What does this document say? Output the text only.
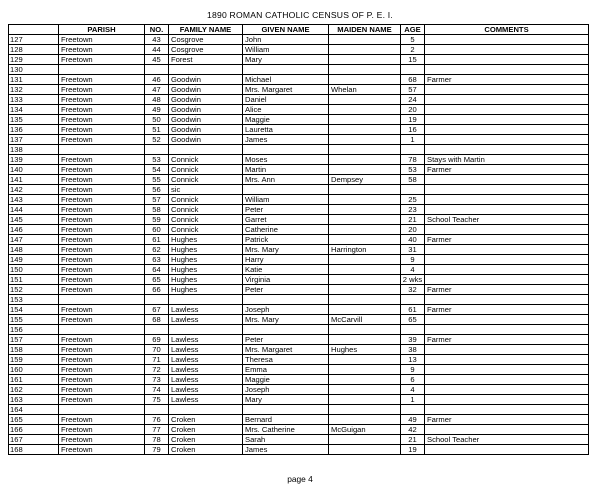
1890 ROMAN CATHOLIC CENSUS OF P. E. I.
	PARISH	NO.	FAMILY NAME	GIVEN NAME	MAIDEN NAME	AGE	COMMENTS
127	Freetown	43	Cosgrove	John		5	
128	Freetown	44	Cosgrove	William		2	
129	Freetown	45	Forest	Mary		15	
130							
131	Freetown	46	Goodwin	Michael		68	Farmer
132	Freetown	47	Goodwin	Mrs. Margaret	Whelan	57	
133	Freetown	48	Goodwin	Daniel		24	
134	Freetown	49	Goodwin	Alice		20	
135	Freetown	50	Goodwin	Maggie		19	
136	Freetown	51	Goodwin	Lauretta		16	
137	Freetown	52	Goodwin	James		1	
138							
139	Freetown	53	Connick	Moses		78	Stays with Martin
140	Freetown	54	Connick	Martin		53	Farmer
141	Freetown	55	Connick	Mrs. Ann	Dempsey	58	
142	Freetown	56	sic				
143	Freetown	57	Connick	William		25	
144	Freetown	58	Connick	Peter		23	
145	Freetown	59	Connick	Garret		21	School Teacher
146	Freetown	60	Connick	Catherine		20	
147	Freetown	61	Hughes	Patrick		40	Farmer
148	Freetown	62	Hughes	Mrs. Mary	Harrington	31	
149	Freetown	63	Hughes	Harry		9	
150	Freetown	64	Hughes	Katie		4	
151	Freetown	65	Hughes	Virginia		2 wks	
152	Freetown	66	Hughes	Peter		32	Farmer
153							
154	Freetown	67	Lawless	Joseph		61	Farmer
155	Freetown	68	Lawless	Mrs. Mary	McCarvill	65	
156							
157	Freetown	69	Lawless	Peter		39	Farmer
158	Freetown	70	Lawless	Mrs. Margaret	Hughes	38	
159	Freetown	71	Lawless	Theresa		13	
160	Freetown	72	Lawless	Emma		9	
161	Freetown	73	Lawless	Maggie		6	
162	Freetown	74	Lawless	Joseph		4	
163	Freetown	75	Lawless	Mary		1	
164							
165	Freetown	76	Croken	Bernard		49	Farmer
166	Freetown	77	Croken	Mrs. Catherine	McGuigan	42	
167	Freetown	78	Croken	Sarah		21	School Teacher
168	Freetown	79	Croken	James		19	
page 4
